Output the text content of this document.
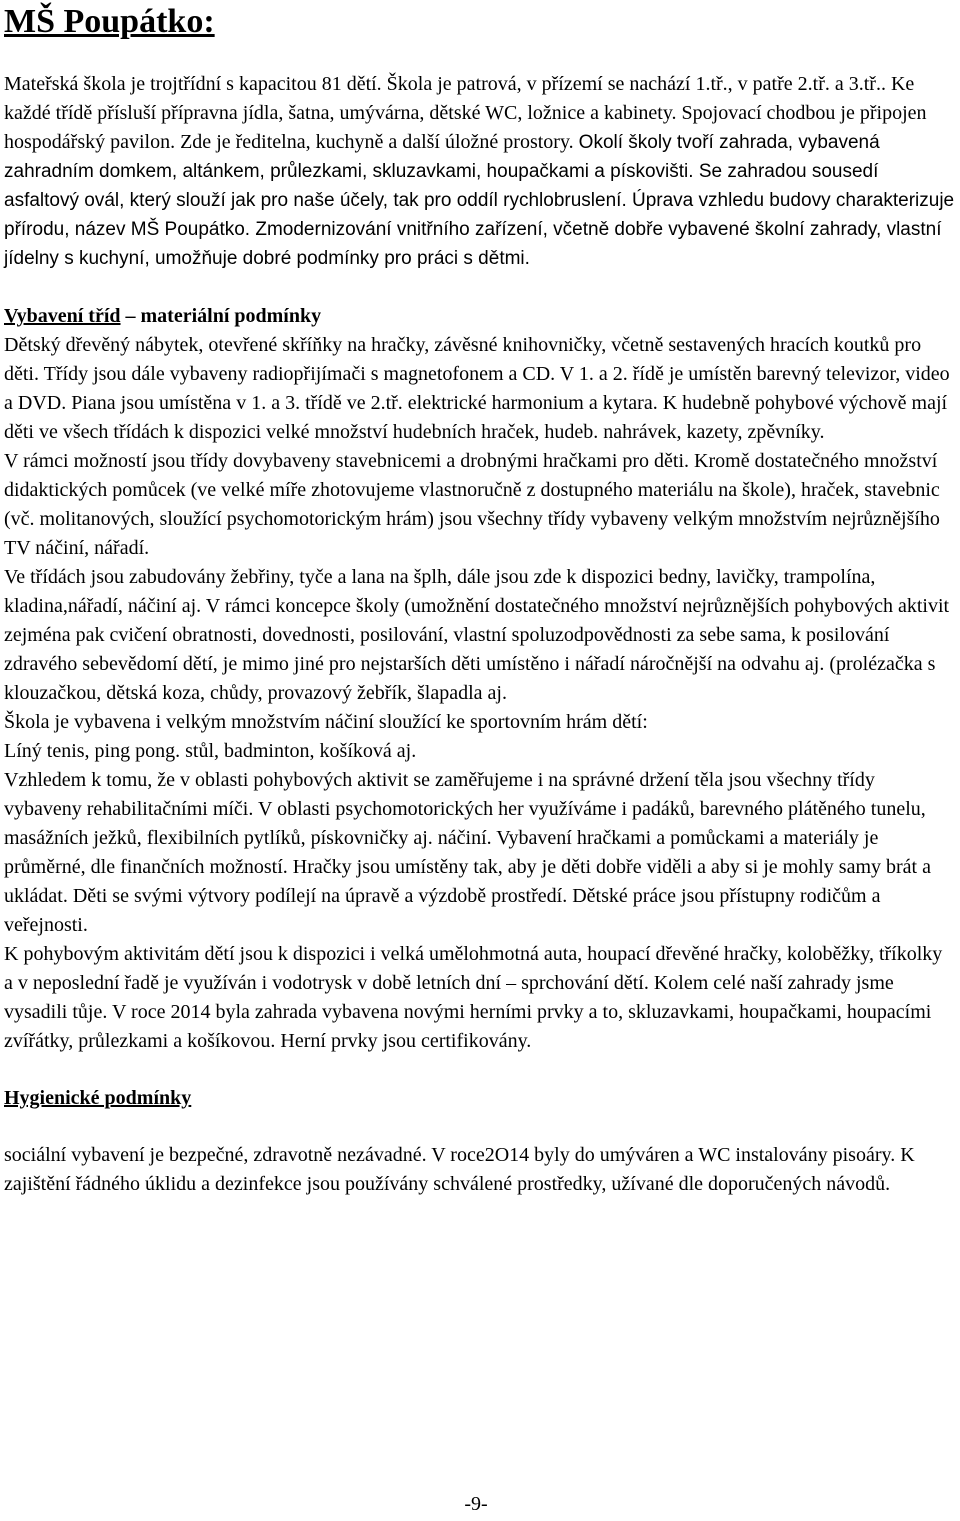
MŠ Poupátko:

Mateřská škola je trojtřídní s kapacitou 81 dětí. Škola je patrová, v přízemí se nachází 1.tř., v patře 2.tř. a 3.tř.. Ke každé třídě přísluší přípravna jídla, šatna, umývárna, dětské WC, ložnice a kabinety. Spojovací chodbou je připojen hospodářský pavilon. Zde je ředitelna, kuchyně a další úložné prostory. Okolí školy tvoří zahrada, vybavená zahradním domkem, altánkem, průlezkami, skluzavkami, houpačkami a pískovišti. Se zahradou sousedí asfaltový ovál, který slouží jak pro naše účely, tak pro oddíl rychlobruslení. Úprava vzhledu budovy charakterizuje přírodu, název MŠ Poupátko. Zmodernizování vnitřního zařízení, včetně dobře vybavené školní zahrady, vlastní jídelny s kuchyní, umožňuje dobré podmínky pro práci s dětmi.

Vybavení tříd – materiální podmínky

Dětský dřevěný nábytek, otevřené skříňky na hračky, závěsné knihovničky, včetně sestavených hracích koutků pro děti. Třídy jsou dále vybaveny radiopřijímači s magnetofonem a CD. V 1. a 2. řídě je umístěn barevný televizor, video a DVD. Piana jsou umístěna v 1. a 3. třídě ve 2.tř. elektrické harmonium a kytara. K hudebně pohybové výchově mají děti ve všech třídách k dispozici velké množství hudebních hraček, hudeb. nahrávek, kazety, zpěvníky.

V rámci možností jsou třídy dovybaveny stavebnicemi a drobnými hračkami pro děti. Kromě dostatečného množství didaktických pomůcek (ve velké míře zhotovujeme vlastnoručně z dostupného materiálu na škole), hraček, stavebnic (vč. molitanových, sloužící psychomotorickým hrám) jsou všechny třídy vybaveny velkým množstvím nejrůznějšího TV náčiní, nářadí.

Ve třídách jsou zabudovány žebřiny, tyče a lana na šplh, dále jsou zde k dispozici bedny, lavičky, trampolína, kladina,nářadí, náčiní aj. V rámci koncepce školy (umožnění dostatečného množství nejrůznějších pohybových aktivit zejména pak cvičení obratnosti, dovednosti, posilování, vlastní spoluzodpovědnosti za sebe sama, k posilování zdravého sebevědomí dětí, je mimo jiné pro nejstarších děti umístěno i nářadí náročnější na odvahu aj. (prolézačka s klouzačkou, dětská koza, chůdy, provazový žebřík, šlapadla aj.

Škola je vybavena i velkým množstvím náčiní sloužící ke sportovním hrám dětí:

Líný tenis, ping pong. stůl, badminton, košíková aj.

Vzhledem k tomu, že v oblasti pohybových aktivit se zaměřujeme i na správné držení těla jsou všechny třídy vybaveny rehabilitačními míči. V oblasti psychomotorických her využíváme i padáků, barevného plátěného tunelu, masážních ježků, flexibilních pytlíků, pískovničky aj. náčiní. Vybavení hračkami a pomůckami a materiály je průměrné, dle finančních možností. Hračky jsou umístěny tak, aby je děti dobře viděli a aby si je mohly samy brát a ukládat. Děti se svými výtvory podílejí na úpravě a výzdobě prostředí. Dětské práce jsou přístupny rodičům a veřejnosti.

K pohybovým aktivitám dětí jsou k dispozici i velká umělohmotná auta, houpací dřevěné hračky, koloběžky, tříkolky a v neposlední řadě je využíván i vodotrysk v době letních dní – sprchování dětí. Kolem celé naší zahrady jsme vysadili tůje. V roce 2014 byla zahrada vybavena novými herními prvky a to, skluzavkami, houpačkami, houpacími zvířátky, průlezkami a košíkovou. Herní prvky jsou certifikovány.

Hygienické podmínky

sociální vybavení je bezpečné, zdravotně nezávadné. V roce2O14 byly do umýváren a WC instalovány pisoáry. K zajištění řádného úklidu a dezinfekce jsou používány schválené prostředky, užívané dle doporučených návodů.

-9-
